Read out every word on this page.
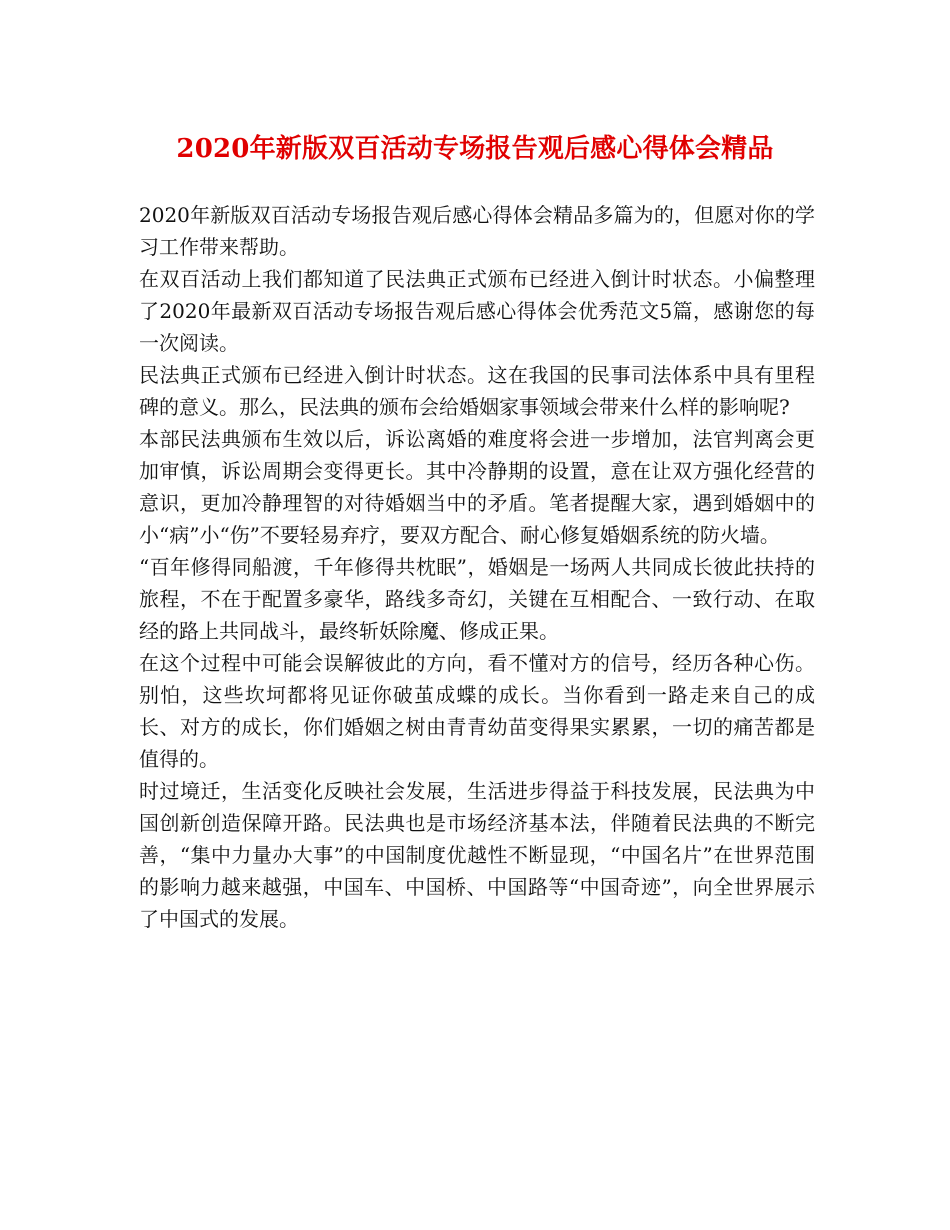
2020年新版双百活动专场报告观后感心得体会精品

2020年新版双百活动专场报告观后感心得体会精品多篇为的，但愿对你的学习工作带来帮助。

在双百活动上我们都知道了民法典正式颁布已经进入倒计时状态。小偏整理了2020年最新双百活动专场报告观后感心得体会优秀范文5篇，感谢您的每一次阅读。

民法典正式颁布已经进入倒计时状态。这在我国的民事司法体系中具有里程碑的意义。那么，民法典的颁布会给婚姻家事领域会带来什么样的影响呢?

本部民法典颁布生效以后，诉讼离婚的难度将会进一步增加，法官判离会更加审慎，诉讼周期会变得更长。其中冷静期的设置，意在让双方强化经营的意识，更加冷静理智的对待婚姻当中的矛盾。笔者提醒大家，遇到婚姻中的小“病”小“伤”不要轻易弃疗，要双方配合、耐心修复婚姻系统的防火墙。

“百年修得同船渡，千年修得共枕眠”，婚姻是一场两人共同成长彼此扶持的旅程，不在于配置多豪华，路线多奇幻，关键在互相配合、一致行动、在取经的路上共同战斗，最终斩妖除魔、修成正果。

在这个过程中可能会误解彼此的方向，看不懂对方的信号，经历各种心伤。别怕，这些坎坷都将见证你破茧成蝶的成长。当你看到一路走来自己的成长、对方的成长，你们婚姻之树由青青幼苗变得果实累累，一切的痛苦都是值得的。

时过境迁，生活变化反映社会发展，生活进步得益于科技发展，民法典为中国创新创造保障开路。民法典也是市场经济基本法，伴随着民法典的不断完善，“集中力量办大事”的中国制度优越性不断显现，“中国名片”在世界范围的影响力越来越强，中国车、中国桥、中国路等“中国奇迹”，向全世界展示了中国式的发展。
